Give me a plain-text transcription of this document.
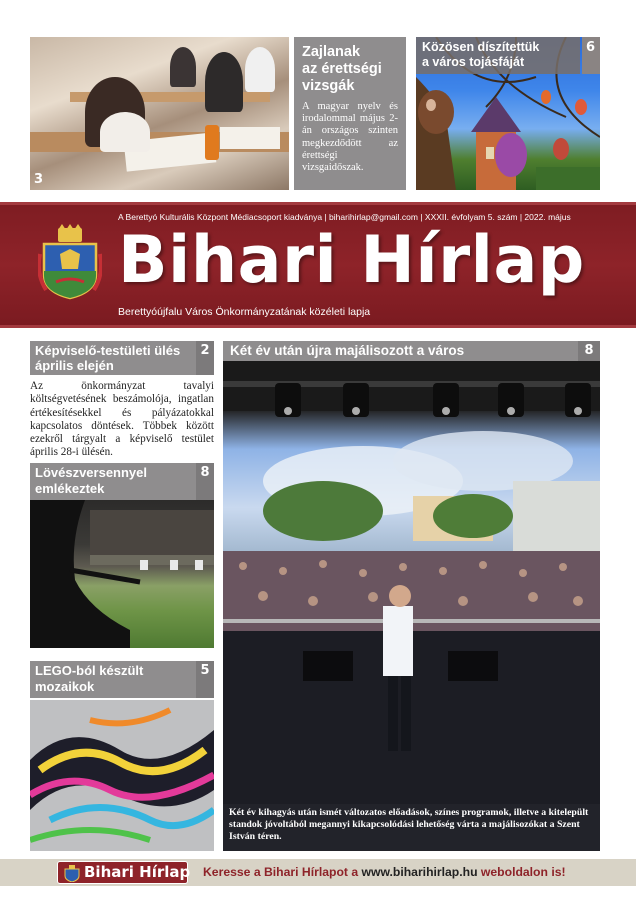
3
Zajlanak
az érettségi
vizsgák
A magyar nyelv és irodalommal május 2-án országos szinten megkezdődött az érettségi vizsgaidőszak.
Közösen díszítettük
a város tojásfáját
6
A Berettyó Kulturális Központ Médiacsoport kiadványa | biharihirlap@gmail.com | XXXII. évfolyam 5. szám | 2022. május
Bihari Hírlap
Berettyóújfalu Város Önkormányzatának közéleti lapja
Képviselő-testületi ülés
április elején
2
Az önkormányzat tavalyi költségvetésének beszámolója, ingatlan értékesítésekkel és pályázatokkal kapcsolatos döntések. Többek között ezekről tárgyalt a képviselő testület április 28-i ülésén.
Lövészversennyel
emlékeztek
8
LEGO-ból készült
mozaikok
5
Két év után újra majálisozott a város	8
Két év kihagyás után ismét változatos előadások, színes programok, illetve a kitelepült standok jóvoltából megannyi kikapcsolódási lehetőség várta a majálisozókat a Szent István téren.
Bihari Hírlap Keresse a Bihari Hírlapot a www.biharihirlap.hu weboldalon is!
